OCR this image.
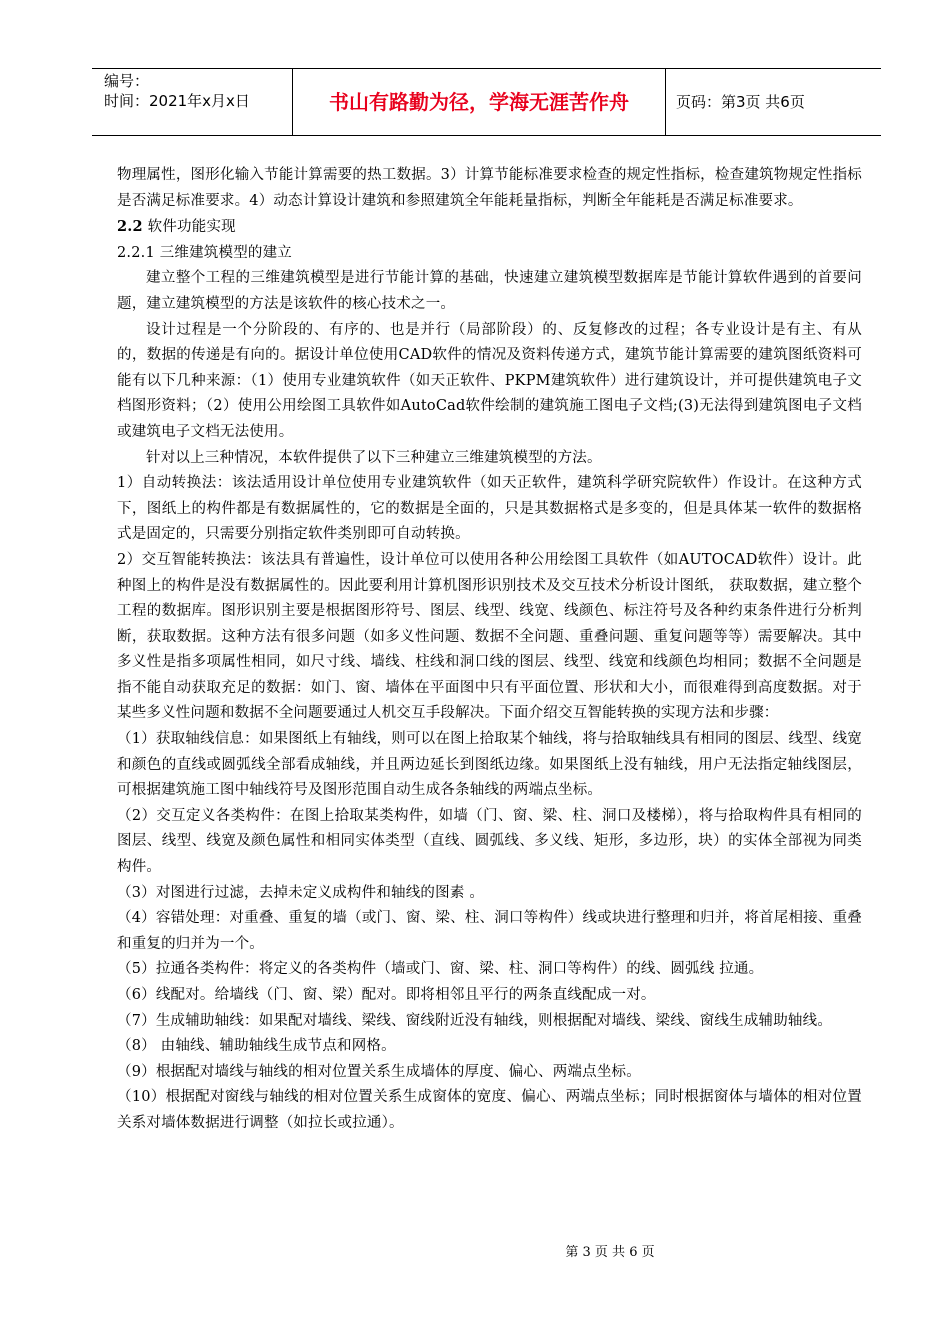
编号：
时间：2021年x月x日	书山有路勤为径，学海无涯苦作舟	页码：第3页 共6页

物理属性，图形化输入节能计算需要的热工数据。3）计算节能标准要求检查的规定性指标，检查建筑物规定性指标是否满足标准要求。4）动态计算设计建筑和参照建筑全年能耗量指标，判断全年能耗是否满足标准要求。

2.2 软件功能实现

2.2.1 三维建筑模型的建立

建立整个工程的三维建筑模型是进行节能计算的基础，快速建立建筑模型数据库是节能计算软件遇到的首要问题，建立建筑模型的方法是该软件的核心技术之一。

设计过程是一个分阶段的、有序的、也是并行（局部阶段）的、反复修改的过程；各专业设计是有主、有从的，数据的传递是有向的。据设计单位使用CAD软件的情况及资料传递方式，建筑节能计算需要的建筑图纸资料可能有以下几种来源：（1）使用专业建筑软件（如天正软件、PKPM建筑软件）进行建筑设计，并可提供建筑电子文档图形资料；（2）使用公用绘图工具软件如AutoCad软件绘制的建筑施工图电子文档;(3)无法得到建筑图电子文档或建筑电子文档无法使用。

针对以上三种情况，本软件提供了以下三种建立三维建筑模型的方法。

1）自动转换法：该法适用设计单位使用专业建筑软件（如天正软件，建筑科学研究院软件）作设计。在这种方式下，图纸上的构件都是有数据属性的，它的数据是全面的，只是其数据格式是多变的，但是具体某一软件的数据格式是固定的，只需要分别指定软件类别即可自动转换。

2）交互智能转换法：该法具有普遍性，设计单位可以使用各种公用绘图工具软件（如AUTOCAD软件）设计。此种图上的构件是没有数据属性的。因此要利用计算机图形识别技术及交互技术分析设计图纸， 获取数据，建立整个工程的数据库。图形识别主要是根据图形符号、图层、线型、线宽、线颜色、标注符号及各种约束条件进行分析判断，获取数据。这种方法有很多问题（如多义性问题、数据不全问题、重叠问题、重复问题等等）需要解决。其中多义性是指多项属性相同，如尺寸线、墙线、柱线和洞口线的图层、线型、线宽和线颜色均相同；数据不全问题是指不能自动获取充足的数据：如门、窗、墙体在平面图中只有平面位置、形状和大小，而很难得到高度数据。对于某些多义性问题和数据不全问题要通过人机交互手段解决。下面介绍交互智能转换的实现方法和步骤：

（1）获取轴线信息：如果图纸上有轴线，则可以在图上拾取某个轴线，将与拾取轴线具有相同的图层、线型、线宽和颜色的直线或圆弧线全部看成轴线，并且两边延长到图纸边缘。如果图纸上没有轴线，用户无法指定轴线图层，可根据建筑施工图中轴线符号及图形范围自动生成各条轴线的两端点坐标。

（2）交互定义各类构件：在图上拾取某类构件，如墙（门、窗、梁、柱、洞口及楼梯），将与拾取构件具有相同的图层、线型、线宽及颜色属性和相同实体类型（直线、圆弧线、多义线、矩形，多边形，块）的实体全部视为同类构件。

（3）对图进行过滤，去掉未定义成构件和轴线的图素 。

（4）容错处理：对重叠、重复的墙（或门、窗、梁、柱、洞口等构件）线或块进行整理和归并，将首尾相接、重叠和重复的归并为一个。

（5）拉通各类构件：将定义的各类构件（墙或门、窗、梁、柱、洞口等构件）的线、圆弧线 拉通。

（6）线配对。给墙线（门、窗、梁）配对。即将相邻且平行的两条直线配成一对。

（7）生成辅助轴线：如果配对墙线、梁线、窗线附近没有轴线，则根据配对墙线、梁线、窗线生成辅助轴线。

（8） 由轴线、辅助轴线生成节点和网格。

（9）根据配对墙线与轴线的相对位置关系生成墙体的厚度、偏心、两端点坐标。

（10）根据配对窗线与轴线的相对位置关系生成窗体的宽度、偏心、两端点坐标；同时根据窗体与墙体的相对位置关系对墙体数据进行调整（如拉长或拉通）。

第 3 页 共 6 页
